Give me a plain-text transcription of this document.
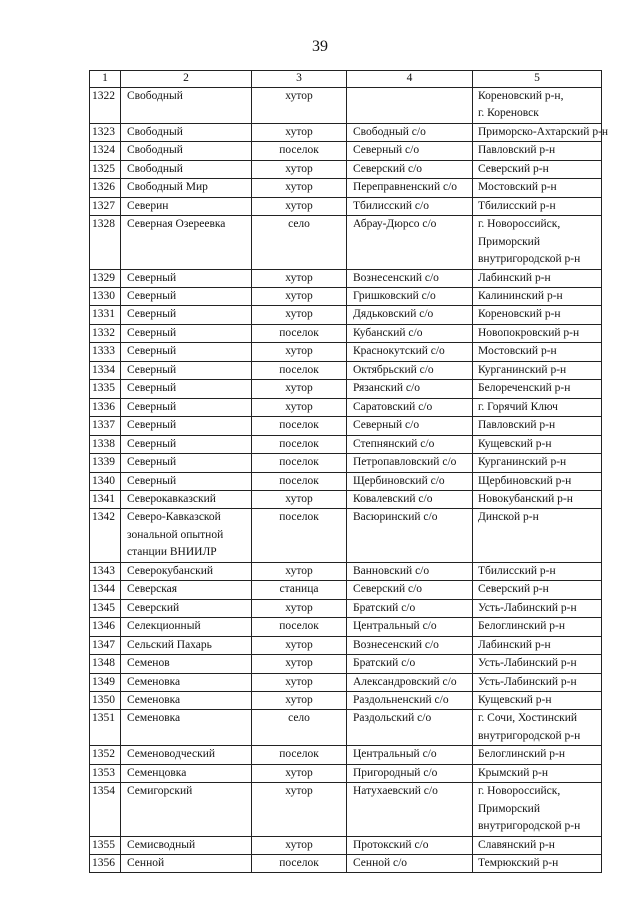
39
1	2	3	4	5
1322	Свободный	хутор		Кореновский р-н,
г. Кореновск

1323	Свободный	хутор	Свободный с/о	Приморско-Ахтарский р-н

1324	Свободный	поселок	Северный с/о	Павловский р-н

1325	Свободный	хутор	Северский с/о	Северский р-н

1326	Свободный Мир	хутор	Переправненский с/о	Мостовский р-н

1327	Северин	хутор	Тбилисский с/о	Тбилисский р-н

1328	Северная Озереевка	село	Абрау-Дюрсо с/о	г. Новороссийск,
Приморский
внутригородской р-н

1329	Северный	хутор	Вознесенский с/о	Лабинский р-н

1330	Северный	хутор	Гришковский с/о	Калининский р-н

1331	Северный	хутор	Дядьковский с/о	Кореновский р-н

1332	Северный	поселок	Кубанский с/о	Новопокровский р-н

1333	Северный	хутор	Краснокутский с/о	Мостовский р-н

1334	Северный	поселок	Октябрьский с/о	Курганинский р-н

1335	Северный	хутор	Рязанский с/о	Белореченский р-н

1336	Северный	хутор	Саратовский с/о	г. Горячий Ключ

1337	Северный	поселок	Северный с/о	Павловский р-н

1338	Северный	поселок	Степнянский с/о	Кущевский р-н

1339	Северный	поселок	Петропавловский с/о	Курганинский р-н

1340	Северный	поселок	Щербиновский с/о	Щербиновский р-н

1341	Северокавказский	хутор	Ковалевский с/о	Новокубанский р-н

1342	Северо-Кавказской
зональной опытной
станции ВНИИЛР	поселок	Васюринский с/о	Динской р-н

1343	Северокубанский	хутор	Ванновский с/о	Тбилисский р-н

1344	Северская	станица	Северский с/о	Северский р-н

1345	Северский	хутор	Братский с/о	Усть-Лабинский р-н

1346	Селекционный	поселок	Центральный с/о	Белоглинский р-н

1347	Сельский Пахарь	хутор	Вознесенский с/о	Лабинский р-н

1348	Семенов	хутор	Братский с/о	Усть-Лабинский р-н

1349	Семеновка	хутор	Александровский с/о	Усть-Лабинский р-н

1350	Семеновка	хутор	Раздольненский с/о	Кущевский р-н

1351	Семеновка	село	Раздольский с/о	г. Сочи, Хостинский
внутригородской р-н

1352	Семеноводческий	поселок	Центральный с/о	Белоглинский р-н

1353	Семенцовка	хутор	Пригородный с/о	Крымский р-н

1354	Семигорский	хутор	Натухаевский с/о	г. Новороссийск,
Приморский
внутригородской р-н

1355	Семисводный	хутор	Протокский с/о	Славянский р-н

1356	Сенной	поселок	Сенной с/о	Темрюкский р-н
